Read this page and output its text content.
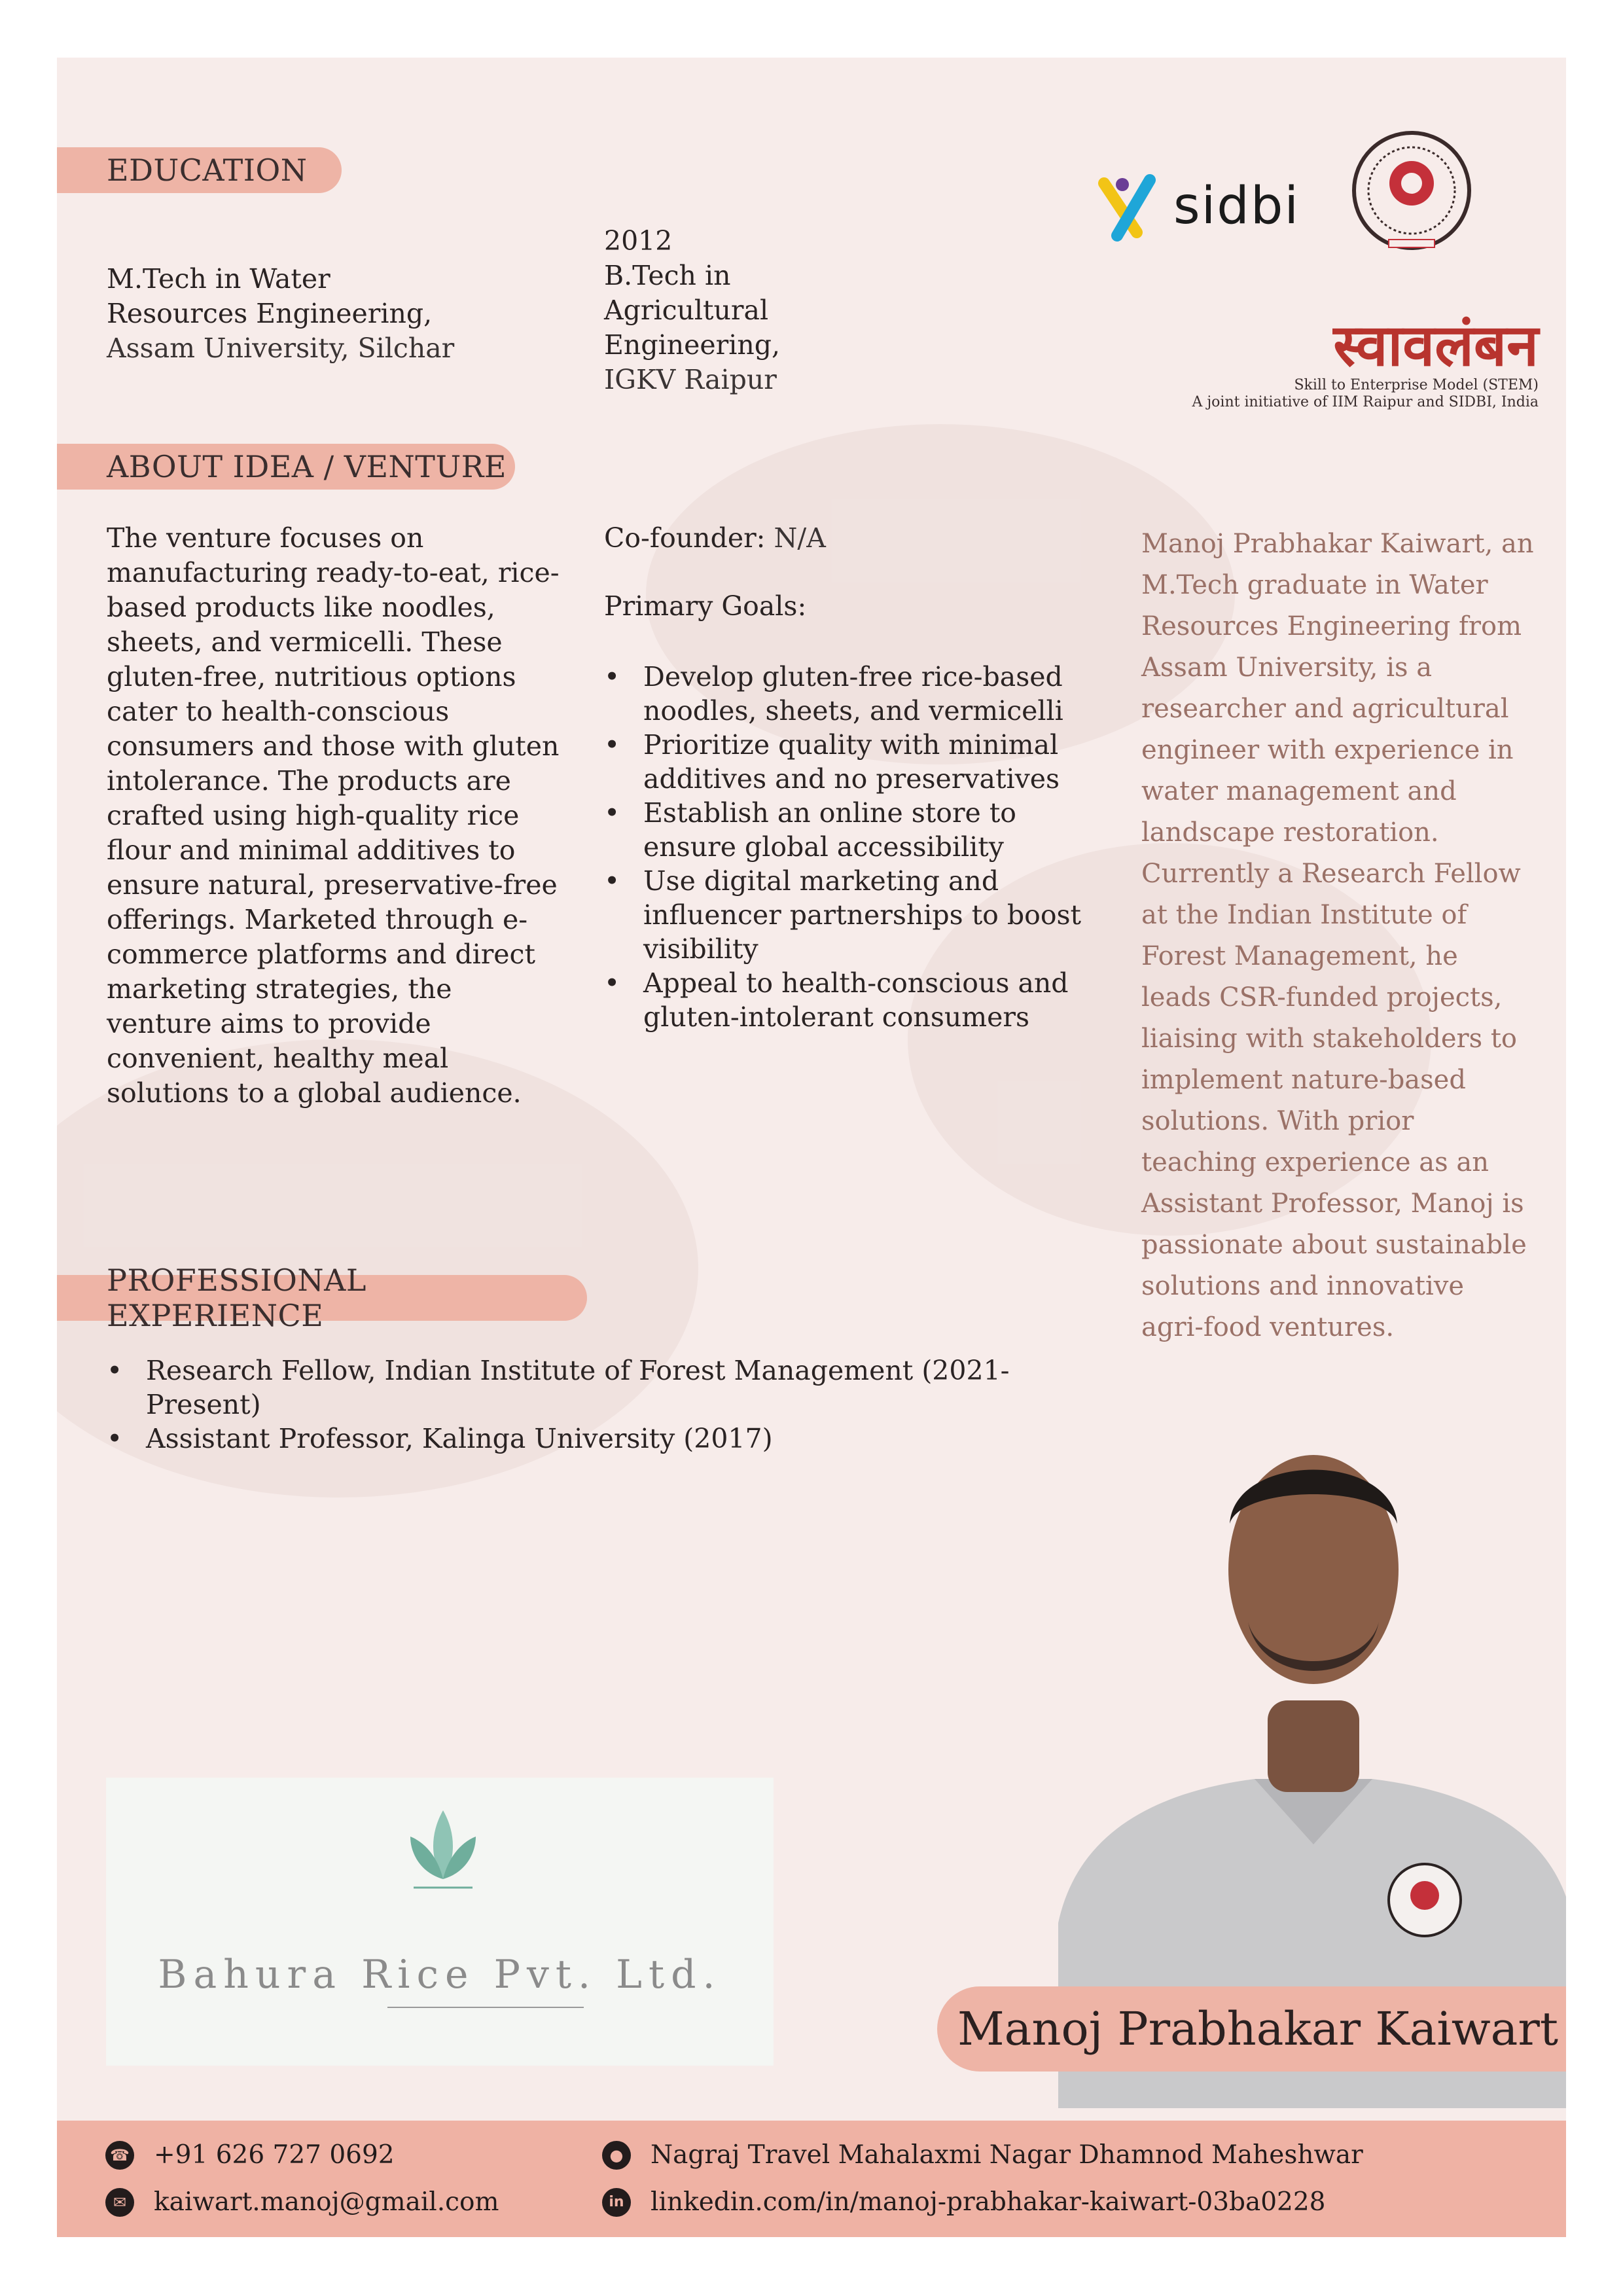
EDUCATION
M.Tech in Water Resources Engineering,
Assam University, Silchar
2012
B.Tech in Agricultural Engineering,
IGKV Raipur
sidbi
स्वावलंबन
Skill to Enterprise Model (STEM)
A joint initiative of IIM Raipur and SIDBI, India
ABOUT IDEA / VENTURE
The venture focuses on manufacturing ready-to-eat, rice-based products like noodles, sheets, and vermicelli. These gluten-free, nutritious options cater to health-conscious consumers and those with gluten intolerance. The products are crafted using high-quality rice flour and minimal additives to ensure natural, preservative-free offerings. Marketed through e-commerce platforms and direct marketing strategies, the venture aims to provide convenient, healthy meal solutions to a global audience.
Co-founder: N/A
Primary Goals:
• Develop gluten-free rice-based noodles, sheets, and vermicelli
• Prioritize quality with minimal additives and no preservatives
• Establish an online store to ensure global accessibility
• Use digital marketing and influencer partnerships to boost visibility
• Appeal to health-conscious and gluten-intolerant consumers
Manoj Prabhakar Kaiwart, an M.Tech graduate in Water Resources Engineering from Assam University, is a researcher and agricultural engineer with experience in water management and landscape restoration. Currently a Research Fellow at the Indian Institute of Forest Management, he leads CSR-funded projects, liaising with stakeholders to implement nature-based solutions. With prior teaching experience as an Assistant Professor, Manoj is passionate about sustainable solutions and innovative agri-food ventures.
PROFESSIONAL EXPERIENCE
• Research Fellow, Indian Institute of Forest Management (2021-Present)
• Assistant Professor, Kalinga University (2017)
Bahura Rice Pvt. Ltd.
Manoj Prabhakar Kaiwart
☎ +91 626 727 0692
✉	kaiwart.manoj@gmail.com
● Nagraj Travel Mahalaxmi Nagar Dhamnod Maheshwar
in linkedin.com/in/manoj-prabhakar-kaiwart-03ba0228
